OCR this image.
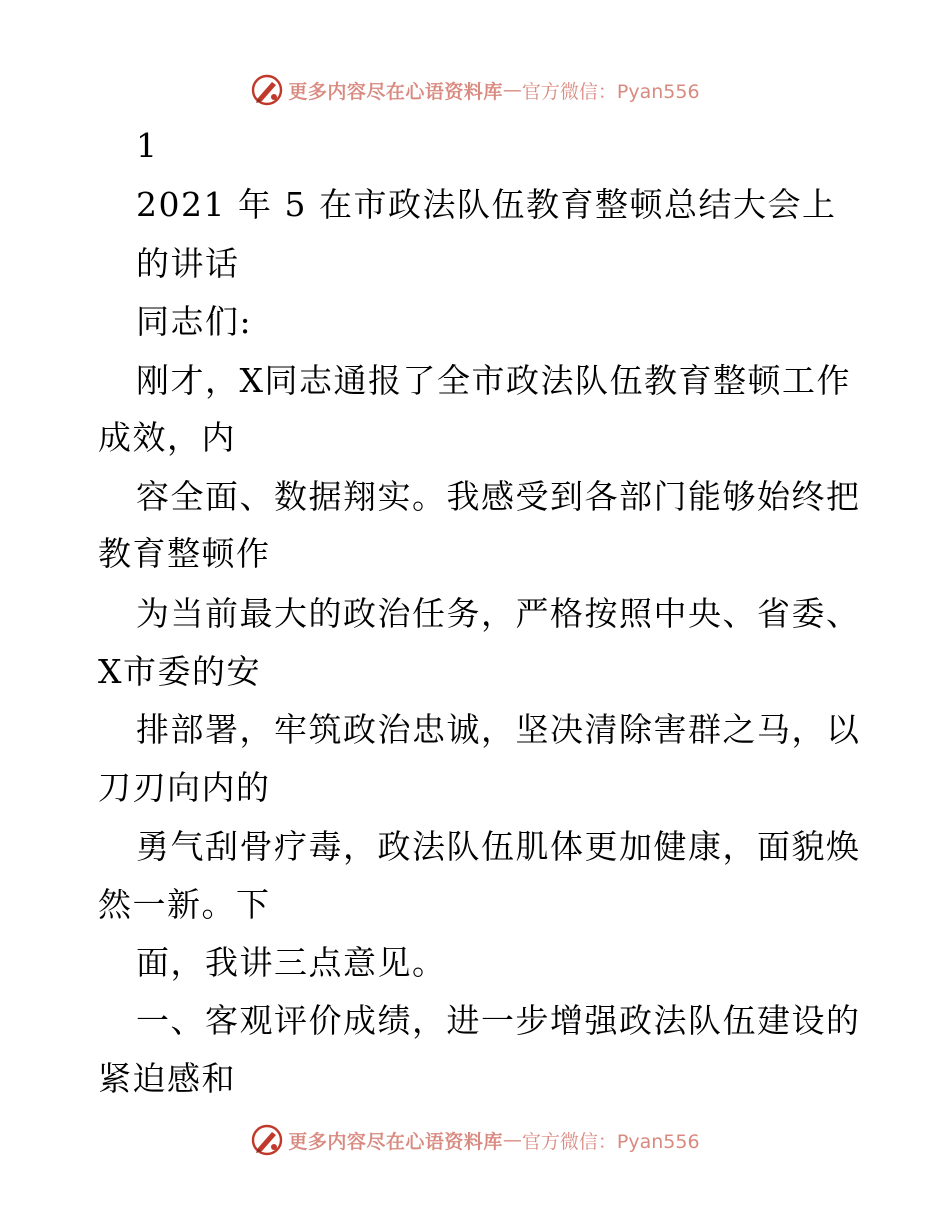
更多内容尽在心语资料库 — 官方微信：Pyan556
1
2021 年 5 在市政法队伍教育整顿总结大会上
的讲话
同志们:
刚才，X同志通报了全市政法队伍教育整顿工作
成效，内
容全面、数据翔实。我感受到各部门能够始终把
教育整顿作
为当前最大的政治任务，严格按照中央、省委、
X市委的安
排部署，牢筑政治忠诚，坚决清除害群之马，以
刀刃向内的
勇气刮骨疗毒，政法队伍肌体更加健康，面貌焕
然一新。下
面，我讲三点意见。
一、客观评价成绩，进一步增强政法队伍建设的
紧迫感和
更多内容尽在心语资料库 — 官方微信：Pyan556
